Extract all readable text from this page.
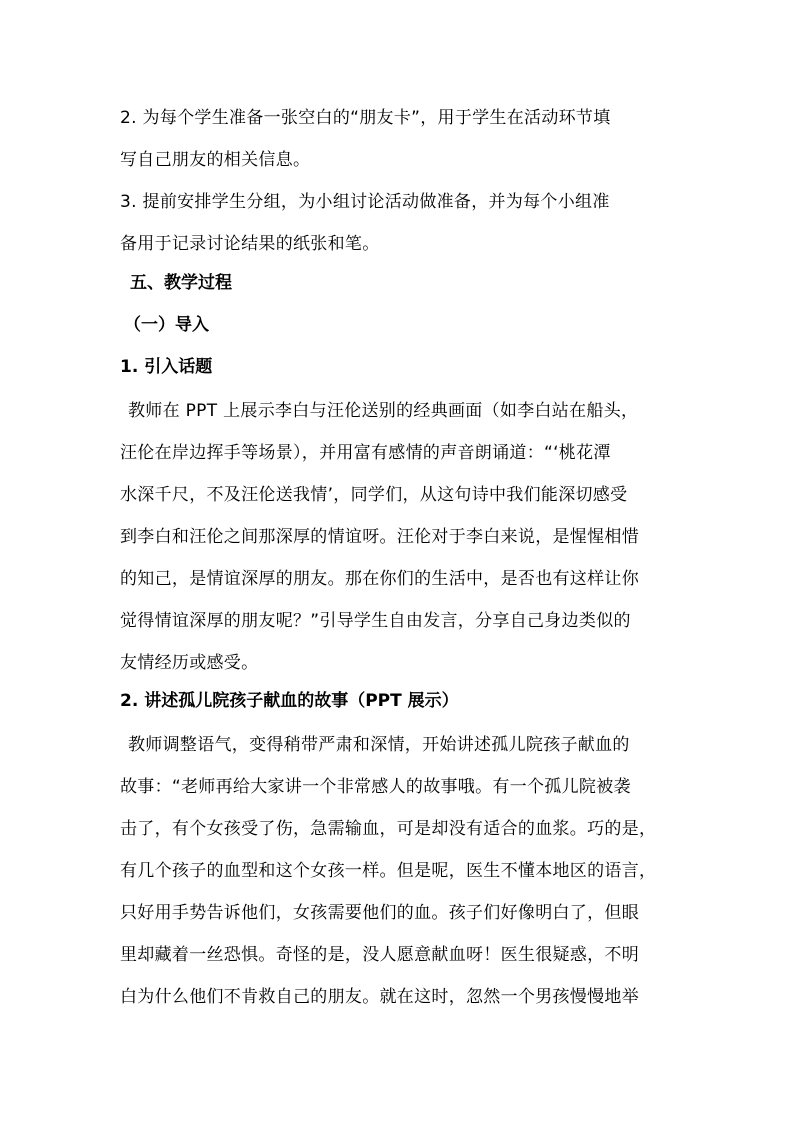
2. 为每个学生准备一张空白的“朋友卡”，用于学生在活动环节填
写自己朋友的相关信息。
3. 提前安排学生分组，为小组讨论活动做准备，并为每个小组准
备用于记录讨论结果的纸张和笔。
五、教学过程
（一）导入
1. 引入话题
教师在 PPT 上展示李白与汪伦送别的经典画面（如李白站在船头，
汪伦在岸边挥手等场景），并用富有感情的声音朗诵道：“‘桃花潭
水深千尺，不及汪伦送我情’，同学们，从这句诗中我们能深切感受
到李白和汪伦之间那深厚的情谊呀。汪伦对于李白来说，是惺惺相惜
的知己，是情谊深厚的朋友。那在你们的生活中，是否也有这样让你
觉得情谊深厚的朋友呢？”引导学生自由发言，分享自己身边类似的
友情经历或感受。
2. 讲述孤儿院孩子献血的故事（PPT 展示）
教师调整语气，变得稍带严肃和深情，开始讲述孤儿院孩子献血的
故事：“老师再给大家讲一个非常感人的故事哦。有一个孤儿院被袭
击了，有个女孩受了伤，急需输血，可是却没有适合的血浆。巧的是，
有几个孩子的血型和这个女孩一样。但是呢，医生不懂本地区的语言，
只好用手势告诉他们，女孩需要他们的血。孩子们好像明白了，但眼
里却藏着一丝恐惧。奇怪的是，没人愿意献血呀！医生很疑惑，不明
白为什么他们不肯救自己的朋友。就在这时，忽然一个男孩慢慢地举
